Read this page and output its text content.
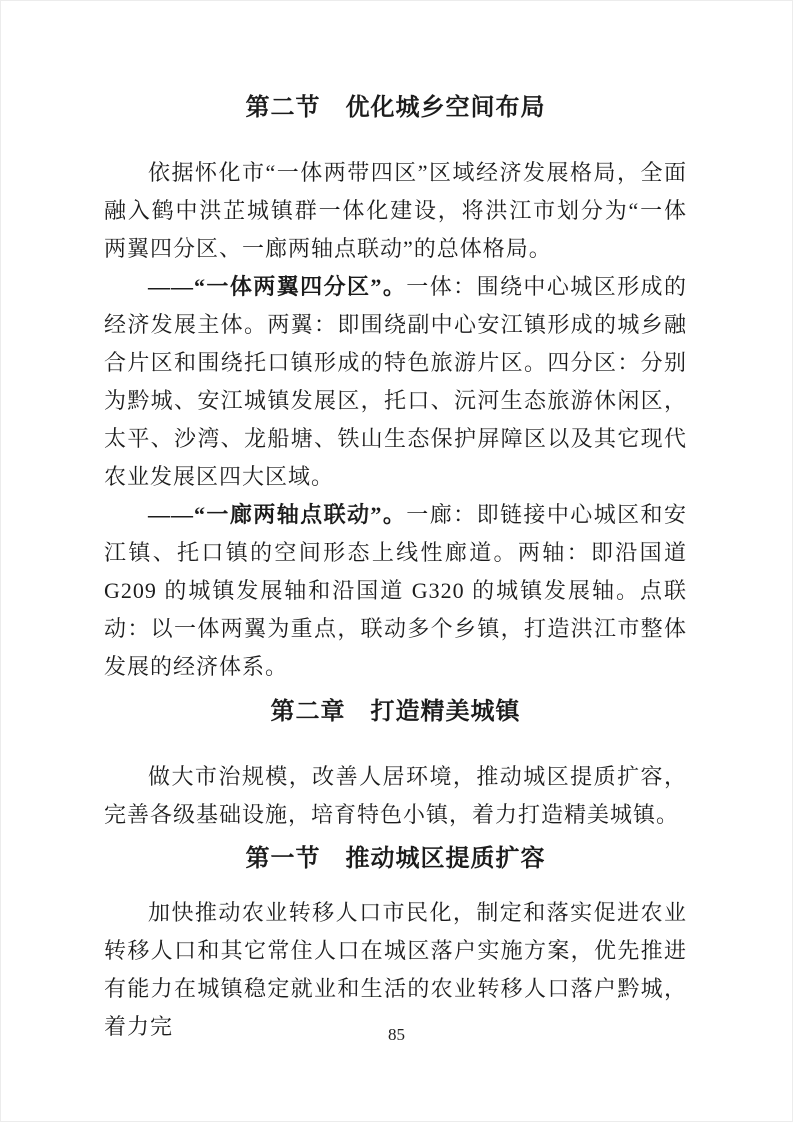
第二节　优化城乡空间布局

依据怀化市“一体两带四区”区域经济发展格局，全面融入鹤中洪芷城镇群一体化建设，将洪江市划分为“一体两翼四分区、一廊两轴点联动”的总体格局。

——“一体两翼四分区”。一体：围绕中心城区形成的经济发展主体。两翼：即围绕副中心安江镇形成的城乡融合片区和围绕托口镇形成的特色旅游片区。四分区：分别为黔城、安江城镇发展区，托口、沅河生态旅游休闲区，太平、沙湾、龙船塘、铁山生态保护屏障区以及其它现代农业发展区四大区域。

——“一廊两轴点联动”。一廊：即链接中心城区和安江镇、托口镇的空间形态上线性廊道。两轴：即沿国道 G209 的城镇发展轴和沿国道 G320 的城镇发展轴。点联动：以一体两翼为重点，联动多个乡镇，打造洪江市整体发展的经济体系。

第二章　打造精美城镇

做大市治规模，改善人居环境，推动城区提质扩容，完善各级基础设施，培育特色小镇，着力打造精美城镇。

第一节　推动城区提质扩容

加快推动农业转移人口市民化，制定和落实促进农业转移人口和其它常住人口在城区落户实施方案，优先推进有能力在城镇稳定就业和生活的农业转移人口落户黔城，着力完	85
